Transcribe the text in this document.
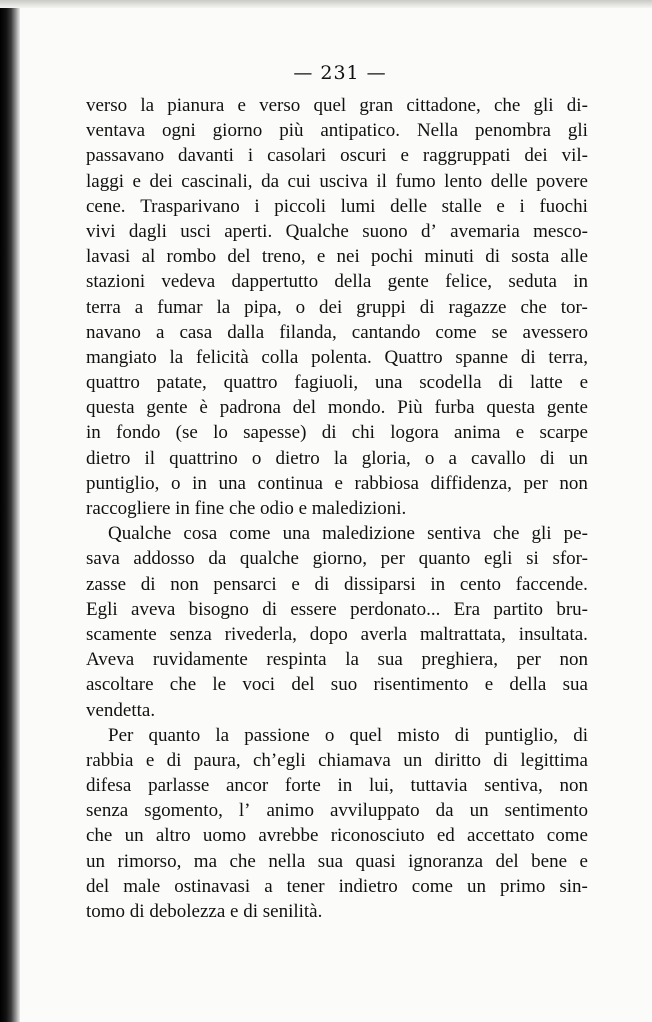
— 231 —
verso la pianura e verso quel gran cittadone, che gli di-
ventava ogni giorno più antipatico. Nella penombra gli
passavano davanti i casolari oscuri e raggruppati dei vil-
laggi e dei cascinali, da cui usciva il fumo lento delle povere
cene. Trasparivano i piccoli lumi delle stalle e i fuochi
vivi dagli usci aperti. Qualche suono d’ avemaria mesco-
lavasi al rombo del treno, e nei pochi minuti di sosta alle
stazioni vedeva dappertutto della gente felice, seduta in
terra a fumar la pipa, o dei gruppi di ragazze che tor-
navano a casa dalla filanda, cantando come se avessero
mangiato la felicità colla polenta. Quattro spanne di terra,
quattro patate, quattro fagiuoli, una scodella di latte e
questa gente è padrona del mondo. Più furba questa gente
in fondo (se lo sapesse) di chi logora anima e scarpe
dietro il quattrino o dietro la gloria, o a cavallo di un
puntiglio, o in una continua e rabbiosa diffidenza, per non
raccogliere in fine che odio e maledizioni.
Qualche cosa come una maledizione sentiva che gli pe-
sava addosso da qualche giorno, per quanto egli si sfor-
zasse di non pensarci e di dissiparsi in cento faccende.
Egli aveva bisogno di essere perdonato... Era partito bru-
scamente senza rivederla, dopo averla maltrattata, insultata.
Aveva ruvidamente respinta la sua preghiera, per non
ascoltare che le voci del suo risentimento e della sua
vendetta.
Per quanto la passione o quel misto di puntiglio, di
rabbia e di paura, ch’egli chiamava un diritto di legittima
difesa parlasse ancor forte in lui, tuttavia sentiva, non
senza sgomento, l’ animo avviluppato da un sentimento
che un altro uomo avrebbe riconosciuto ed accettato come
un rimorso, ma che nella sua quasi ignoranza del bene e
del male ostinavasi a tener indietro come un primo sin-
tomo di debolezza e di senilità.
